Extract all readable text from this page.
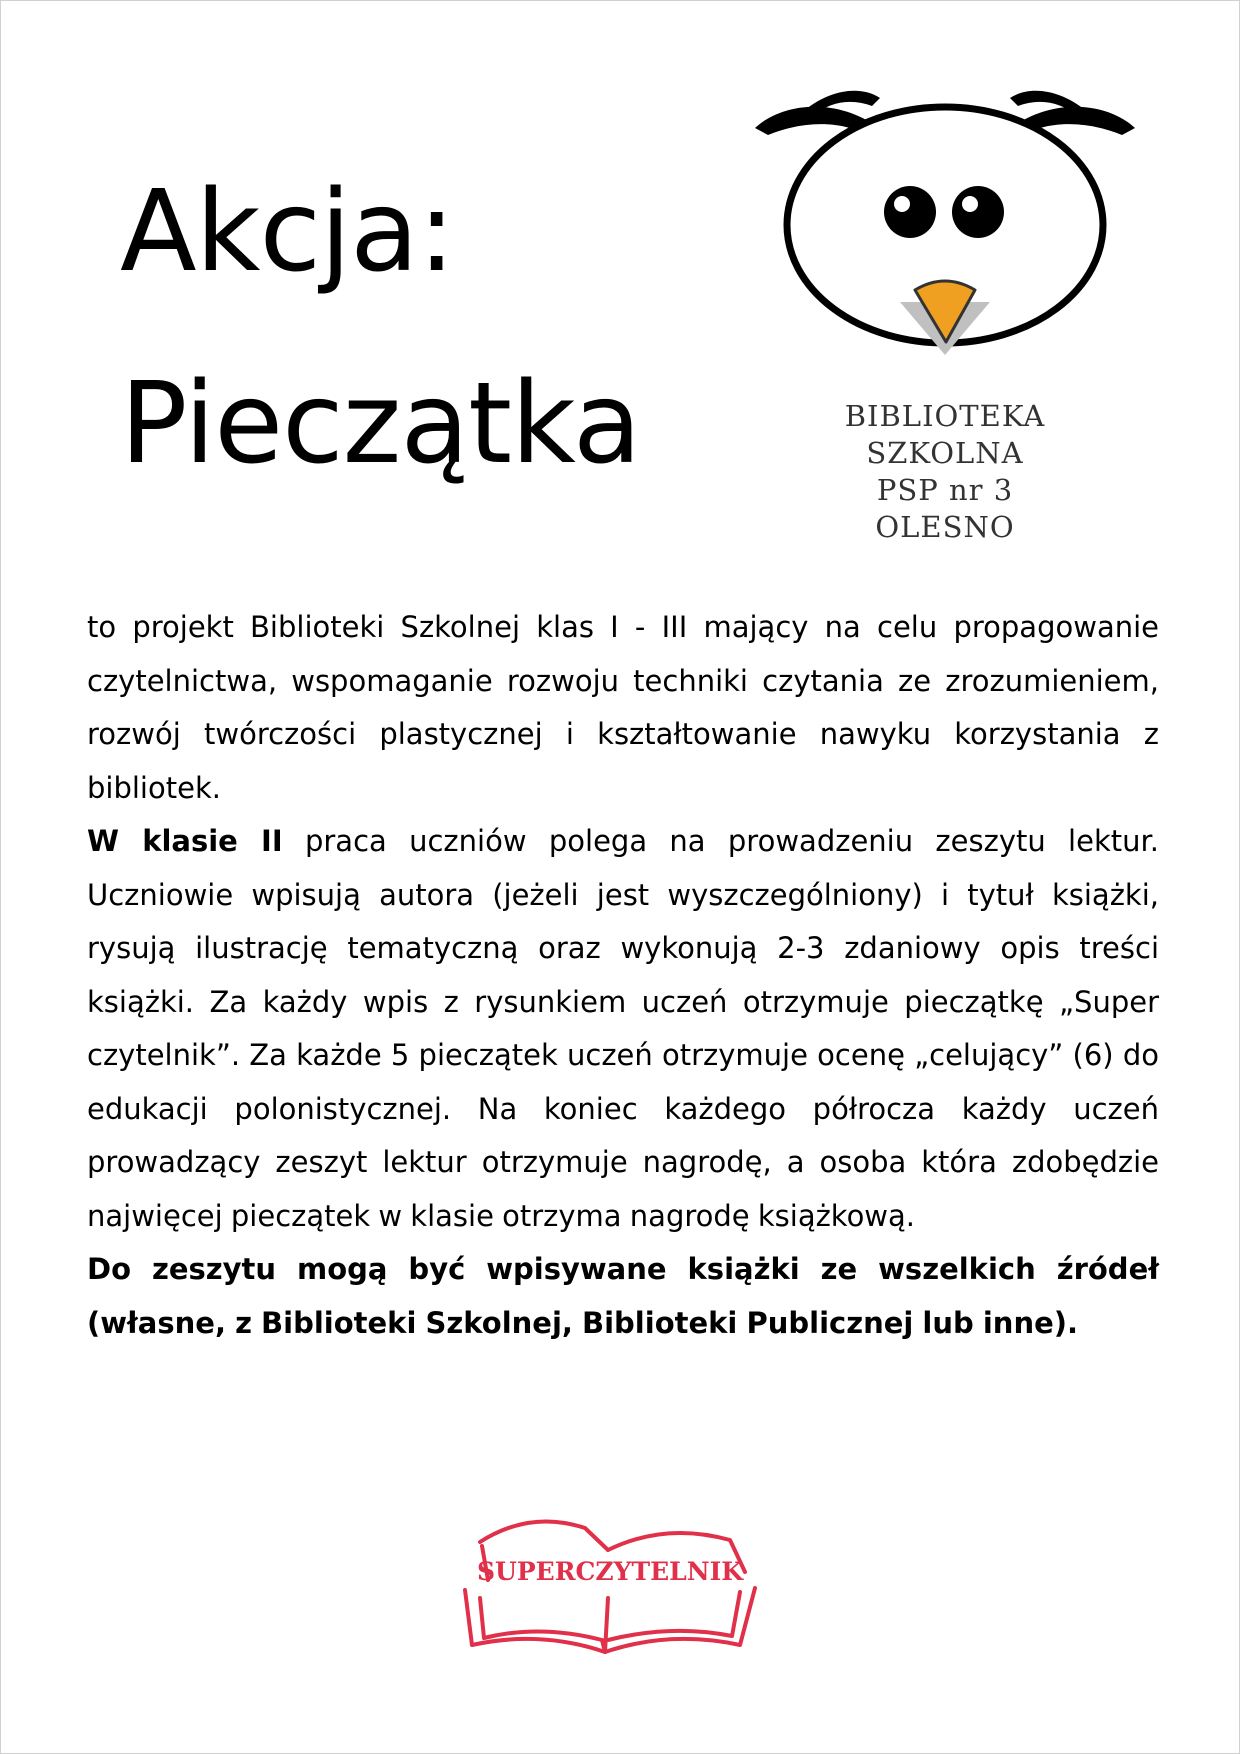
Akcja:
Pieczątka	BIBLIOTEKA
SZKOLNA
PSP nr 3
OLESNO

to projekt Biblioteki Szkolnej klas I - III mający na celu propagowanie czytelnictwa, wspomaganie rozwoju techniki czytania ze zrozumieniem, rozwój twórczości plastycznej i kształtowanie nawyku korzystania z bibliotek.

W klasie II praca uczniów polega na prowadzeniu zeszytu lektur. Uczniowie wpisują autora (jeżeli jest wyszczególniony) i tytuł książki, rysują ilustrację tematyczną oraz wykonują 2-3 zdaniowy opis treści książki. Za każdy wpis z rysunkiem uczeń otrzymuje pieczątkę „Super czytelnik”. Za każde 5 pieczątek uczeń otrzymuje ocenę „celujący” (6) do edukacji polonistycznej. Na koniec każdego półrocza każdy uczeń prowadzący zeszyt lektur otrzymuje nagrodę, a osoba która zdobędzie najwięcej pieczątek w klasie otrzyma nagrodę książkową.

Do zeszytu mogą być wpisywane książki ze wszelkich źródeł (własne, z Biblioteki Szkolnej, Biblioteki Publicznej lub inne).

SUPERCZYTELNIK
